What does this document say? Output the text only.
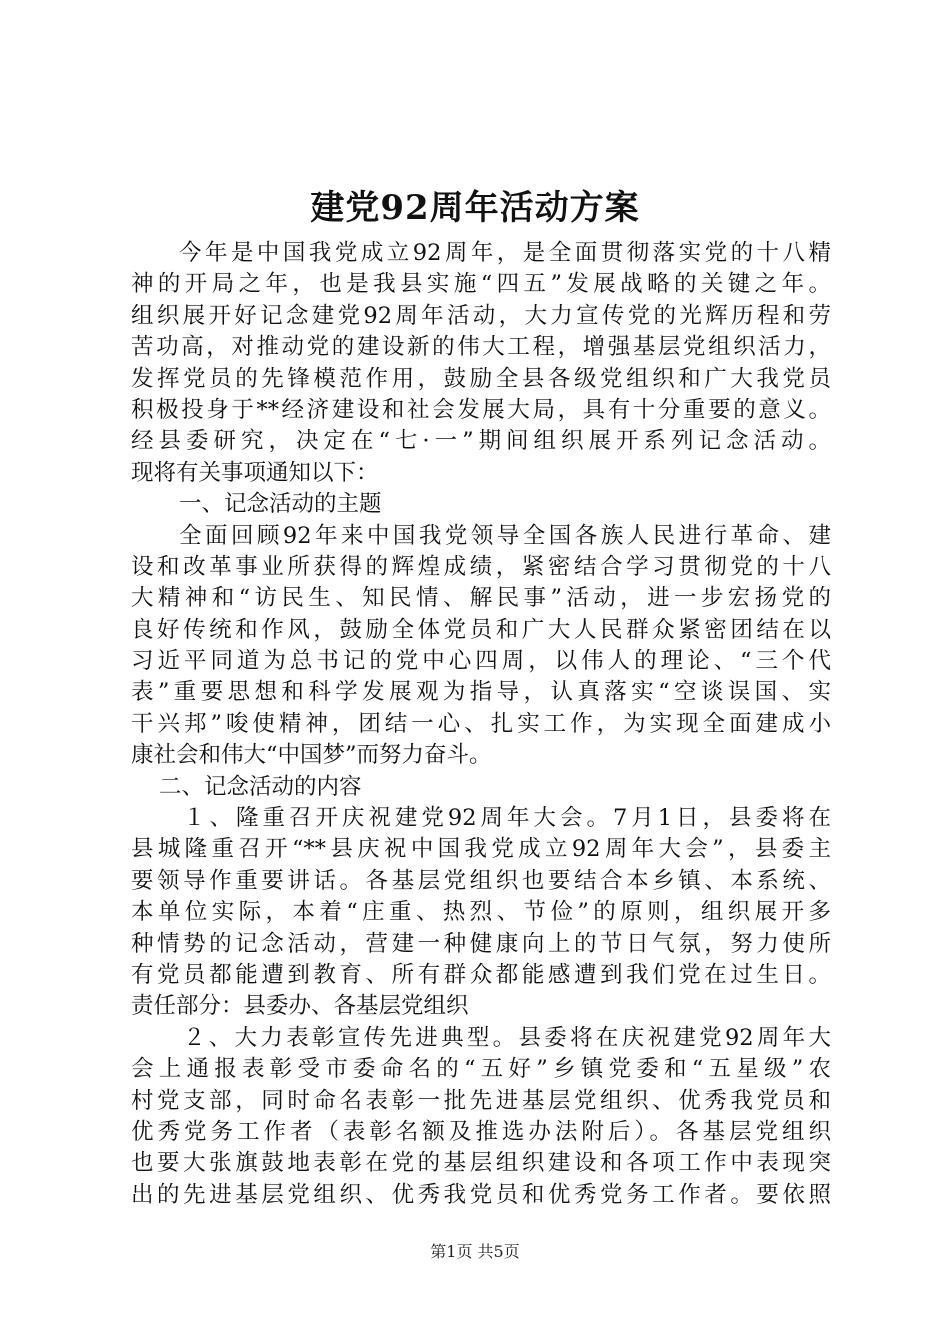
建党92周年活动方案
今年是中国我党成立92周年，是全面贯彻落实党的十八精
神的开局之年，也是我县实施“四五”发展战略的关键之年。
组织展开好记念建党92周年活动，大力宣传党的光辉历程和劳
苦功高，对推动党的建设新的伟大工程，增强基层党组织活力，
发挥党员的先锋模范作用，鼓励全县各级党组织和广大我党员
积极投身于**经济建设和社会发展大局，具有十分重要的意义。
经县委研究，决定在“七·一”期间组织展开系列记念活动。
现将有关事项通知以下：
一、记念活动的主题
全面回顾92年来中国我党领导全国各族人民进行革命、建
设和改革事业所获得的辉煌成绩，紧密结合学习贯彻党的十八
大精神和“访民生、知民情、解民事”活动，进一步宏扬党的
良好传统和作风，鼓励全体党员和广大人民群众紧密团结在以
习近平同道为总书记的党中心四周，以伟人的理论、“三个代
表”重要思想和科学发展观为指导，认真落实“空谈误国、实
干兴邦”唆使精神，团结一心、扎实工作，为实现全面建成小
康社会和伟大“中国梦”而努力奋斗。
二、记念活动的内容
１、隆重召开庆祝建党92周年大会。7月1日，县委将在
县城隆重召开“**县庆祝中国我党成立92周年大会”，县委主
要领导作重要讲话。各基层党组织也要结合本乡镇、本系统、
本单位实际，本着“庄重、热烈、节俭”的原则，组织展开多
种情势的记念活动，营建一种健康向上的节日气氛，努力使所
有党员都能遭到教育、所有群众都能感遭到我们党在过生日。
责任部分：县委办、各基层党组织
２、大力表彰宣传先进典型。县委将在庆祝建党92周年大
会上通报表彰受市委命名的“五好”乡镇党委和“五星级”农
村党支部，同时命名表彰一批先进基层党组织、优秀我党员和
优秀党务工作者（表彰名额及推选办法附后）。各基层党组织
也要大张旗鼓地表彰在党的基层组织建设和各项工作中表现突
出的先进基层党组织、优秀我党员和优秀党务工作者。要依照
第1页 共5页
